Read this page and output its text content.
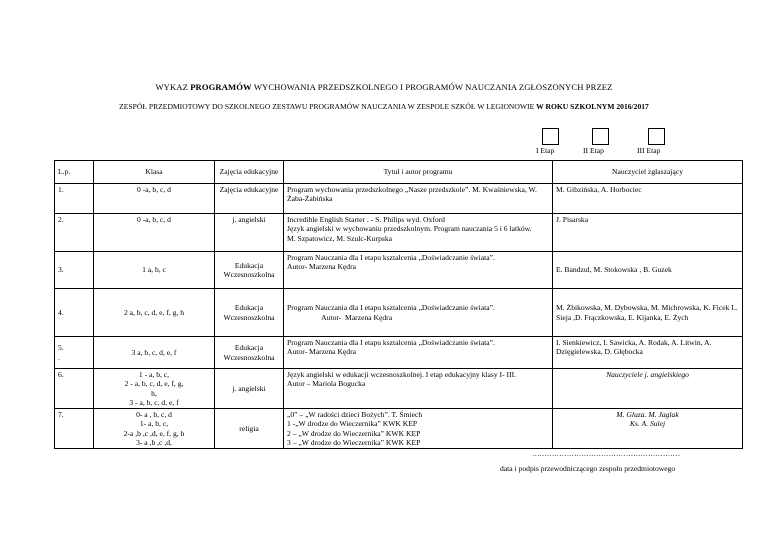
WYKAZ PROGRAMÓW WYCHOWANIA PRZEDSZKOLNEGO I PROGRAMÓW NAUCZANIA ZGŁOSZONYCH PRZEZ
ZESPÓŁ PRZEDMIOTOWY DO SZKOLNEGO ZESTAWU PROGRAMÓW NAUCZANIA W ZESPOLE SZKÓŁ W LEGIONOWIE W ROKU SZKOLNYM 2016/2017
I Etap	II Etap	III Etap
L.p.	Klasa	Zajęcia edukacyjne	Tytuł i autor programu	Nauczyciel zgłaszający
1.	0 -a, b, c, d	Zajęcia edukacyjne	Program wychowania przedszkolnego „Nasze przedszkole”. M. Kwaśniewska, W. Żaba-Żabińska	M. Gibzińska, A. Horbociec
2.	0 -a, b, c, d	j. angielski	Incredible English Starter . - S. Philips wyd. Oxford
Język angielski w wychowaniu przedszkolnym. Program nauczania 5 i 6 latków.
M. Szpatowicz, M. Szulc-Kurpska	J. Pisarska
3.	1 a, b, c	Edukacja Wczesnoszkolna	Program Nauczania dla I etapu kształcenia „Doświadczanie świata”.
Autor- Marzena Kędra	E. Bandzul, M. Stokowska , B. Guzek
4.	2 a, b, c, d, e, f, g, h	Edukacja Wczesnoszkolna	Program Nauczania dla I etapu kształcenia „Doświadczanie świata”.
Autor-  Marzena Kędra	M. Żbikowska, M. Dybowska, M. Michrowska, K. Ficek L. Sieja ,D. Frączkowska, E. Kijanka, E. Żych
5.
.	3 a, b, c, d, e, f	Edukacja Wczesnoszkolna	Program Nauczania dla I etapu kształcenia „Doświadczanie świata”.
Autor- Marzena Kędra	I. Sienkiewicz, I. Sawicka, A. Rodak, A. Litwin, A. Dzięgielewska, D. Głębocka
6.	1 - a, b, c,
2 - a, b, c, d, e, f, g,
h,
3 - a, b, c, d, e, f	j. angielski	Język angielski w edukacji wczesnoszkolnej. I etap edukacyjny klasy I- III.
Autor – Mariola Bogucka	Nauczyciele j. angielskiego
7.	0- a , b, c, d
1- a, b, c,
2-a ,b ,c ,d, e, f, g, h
3- a ,b ,c ,d,	religia	„0” – „W radości dzieci Bożych”. T. Śmiech
1 -„W drodze do Wieczernika” KWK KEP
2 – „W drodze do Wieczernika” KWK KEP
3 – „W drodze do Wieczernika” KWK KEP	M. Gluza. M. Jaglak
Ks. A. Sulej
……………………………………………………
data i podpis przewodniczącego zespołu przedmiotowego
